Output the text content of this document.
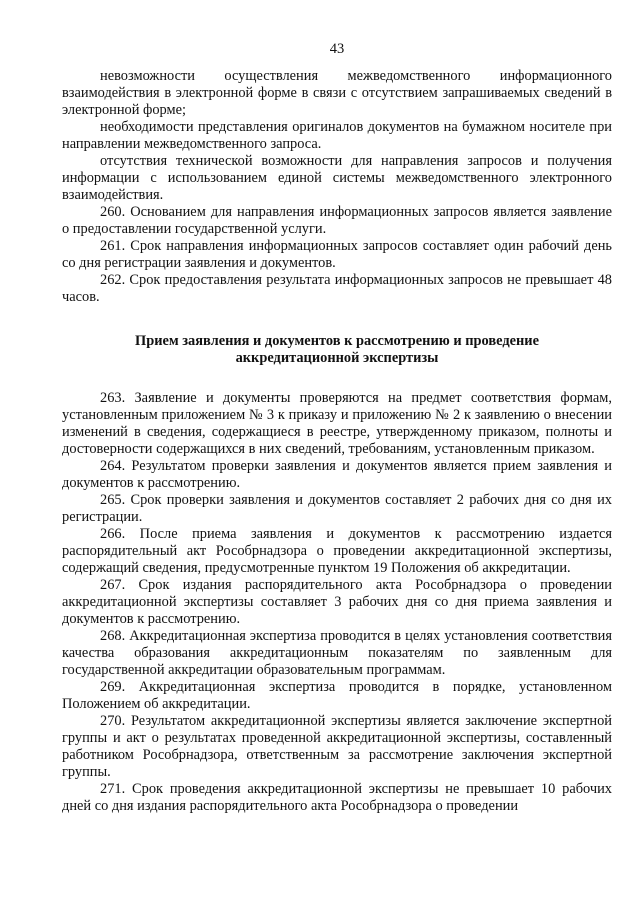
43

невозможности осуществления межведомственного информационного взаимодействия в электронной форме в связи с отсутствием запрашиваемых сведений в электронной форме;

необходимости представления оригиналов документов на бумажном носителе при направлении межведомственного запроса.

отсутствия технической возможности для направления запросов и получения информации с использованием единой системы межведомственного электронного взаимодействия.

260. Основанием для направления информационных запросов является заявление о предоставлении государственной услуги.

261. Срок направления информационных запросов составляет один рабочий день со дня регистрации заявления и документов.

262. Срок предоставления результата информационных запросов не превышает 48 часов.

Прием заявления и документов к рассмотрению и проведение
аккредитационной экспертизы

263. Заявление и документы проверяются на предмет соответствия формам, установленным приложением № 3 к приказу и приложению № 2 к заявлению о внесении изменений в сведения, содержащиеся в реестре, утвержденному приказом, полноты и достоверности содержащихся в них сведений, требованиям, установленным приказом.

264. Результатом проверки заявления и документов является прием заявления и документов к рассмотрению.

265. Срок проверки заявления и документов составляет 2 рабочих дня со дня их регистрации.

266. После приема заявления и документов к рассмотрению издается распорядительный акт Рособрнадзора о проведении аккредитационной экспертизы, содержащий сведения, предусмотренные пунктом 19 Положения об аккредитации.

267. Срок издания распорядительного акта Рособрнадзора о проведении аккредитационной экспертизы составляет 3 рабочих дня со дня приема заявления и документов к рассмотрению.

268. Аккредитационная экспертиза проводится в целях установления соответствия качества образования аккредитационным показателям по заявленным для государственной аккредитации образовательным программам.

269. Аккредитационная экспертиза проводится в порядке, установленном Положением об аккредитации.

270. Результатом аккредитационной экспертизы является заключение экспертной группы и акт о результатах проведенной аккредитационной экспертизы, составленный работником Рособрнадзора, ответственным за рассмотрение заключения экспертной группы.

271. Срок проведения аккредитационной экспертизы не превышает 10 рабочих дней со дня издания распорядительного акта Рособрнадзора о проведении
